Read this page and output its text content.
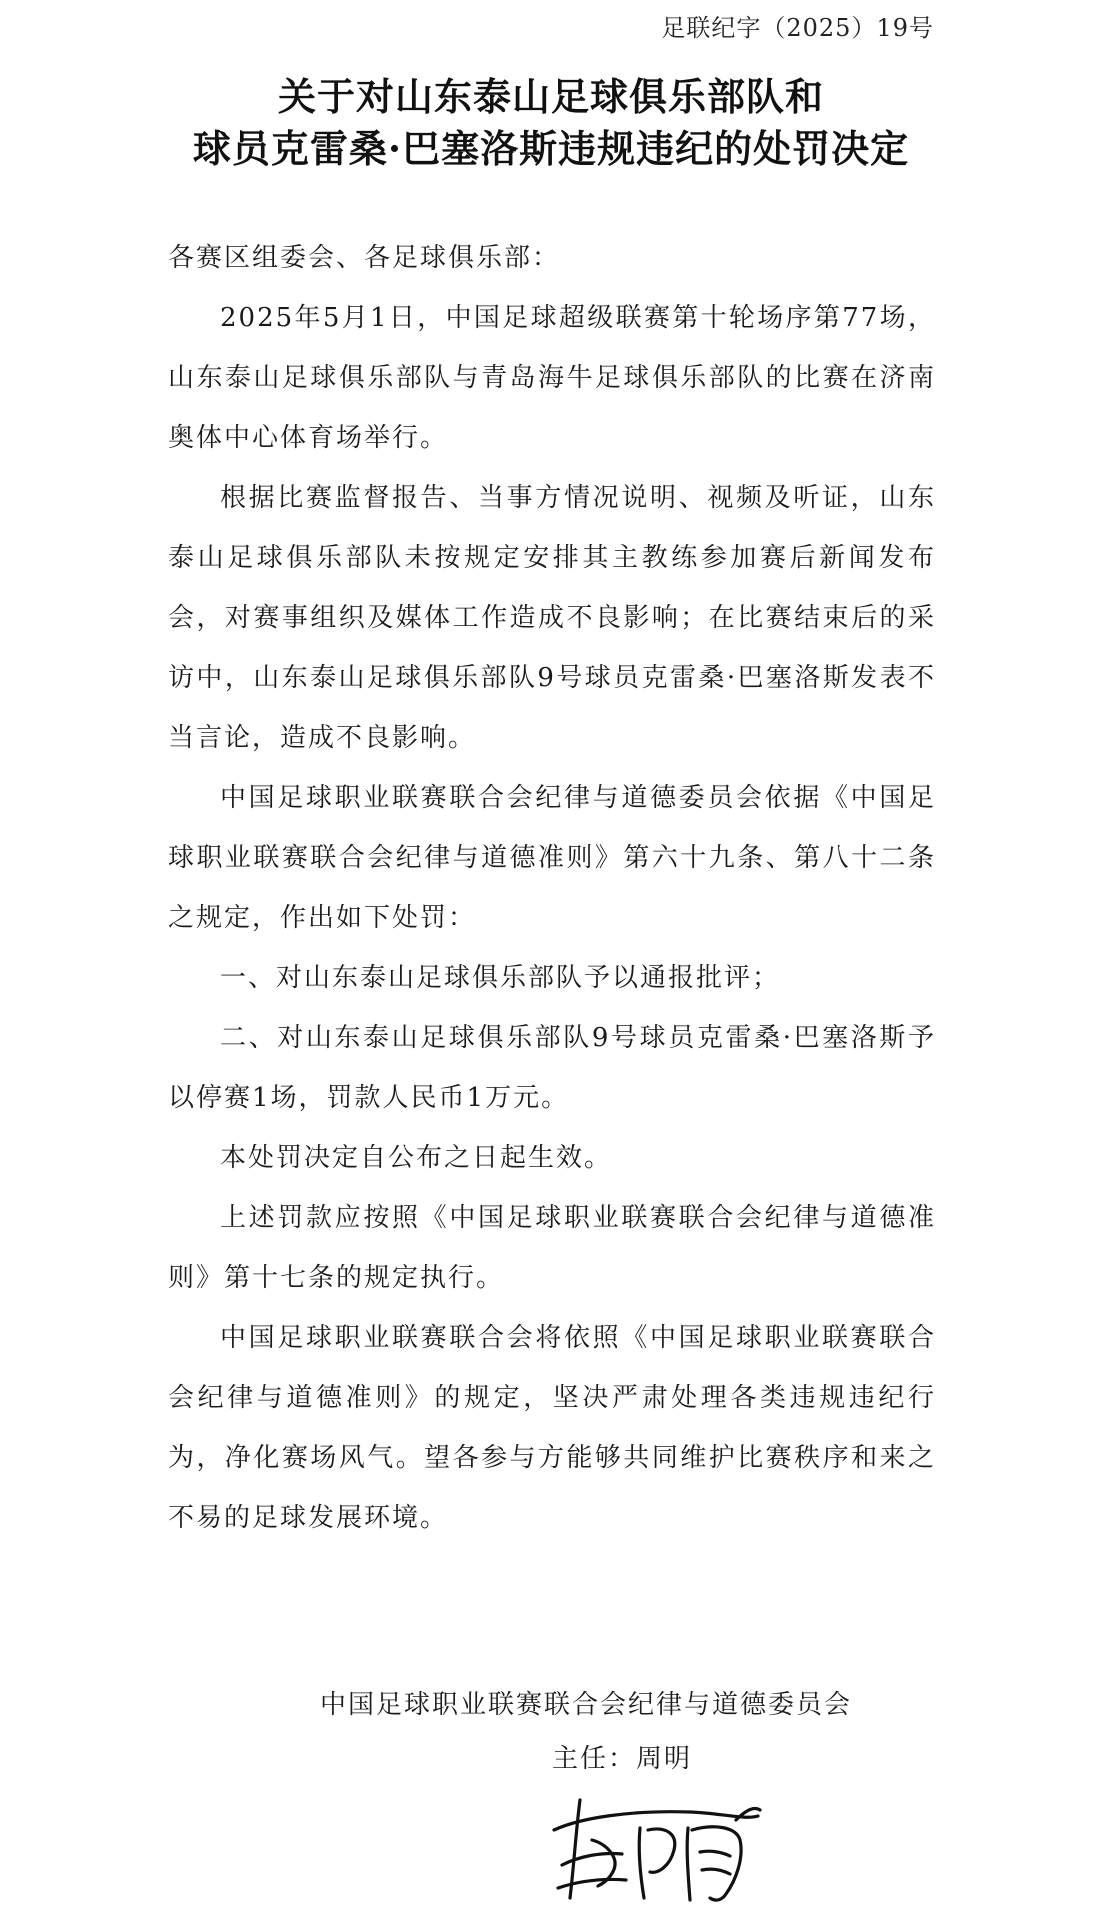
足联纪字（2025）19号
关于对山东泰山足球俱乐部队和
球员克雷桑·巴塞洛斯违规违纪的处罚决定

各赛区组委会、各足球俱乐部：

2025年5月1日，中国足球超级联赛第十轮场序第77场，山东泰山足球俱乐部队与青岛海牛足球俱乐部队的比赛在济南奥体中心体育场举行。

根据比赛监督报告、当事方情况说明、视频及听证，山东泰山足球俱乐部队未按规定安排其主教练参加赛后新闻发布会，对赛事组织及媒体工作造成不良影响；在比赛结束后的采访中，山东泰山足球俱乐部队9号球员克雷桑·巴塞洛斯发表不当言论，造成不良影响。

中国足球职业联赛联合会纪律与道德委员会依据《中国足球职业联赛联合会纪律与道德准则》第六十九条、第八十二条之规定，作出如下处罚：

一、对山东泰山足球俱乐部队予以通报批评；

二、对山东泰山足球俱乐部队9号球员克雷桑·巴塞洛斯予以停赛1场，罚款人民币1万元。

本处罚决定自公布之日起生效。

上述罚款应按照《中国足球职业联赛联合会纪律与道德准则》第十七条的规定执行。

中国足球职业联赛联合会将依照《中国足球职业联赛联合会纪律与道德准则》的规定，坚决严肃处理各类违规违纪行为，净化赛场风气。望各参与方能够共同维护比赛秩序和来之不易的足球发展环境。

中国足球职业联赛联合会纪律与道德委员会
主任：周明
